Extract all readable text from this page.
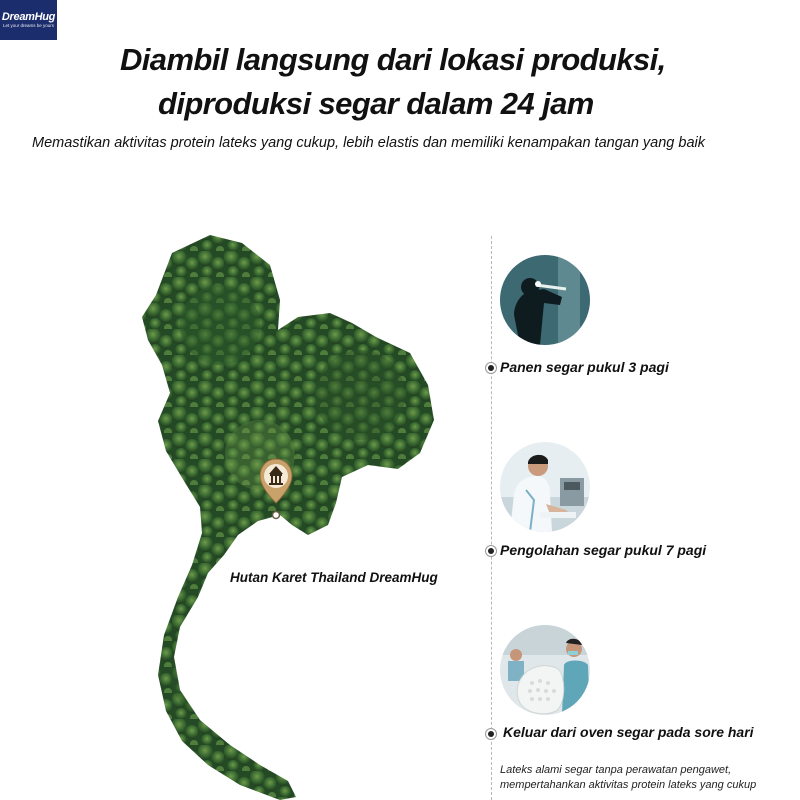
DreamHug
Let your dreams be yours
Diambil langsung dari lokasi produksi,
diproduksi segar dalam 24 jam
Memastikan aktivitas protein lateks yang cukup, lebih elastis dan memiliki kenampakan tangan yang baik
Hutan Karet Thailand DreamHug
Panen segar pukul 3 pagi
Pengolahan segar pukul 7 pagi
Keluar dari oven segar pada sore hari
Lateks alami segar tanpa perawatan pengawet,
mempertahankan aktivitas protein lateks yang cukup
